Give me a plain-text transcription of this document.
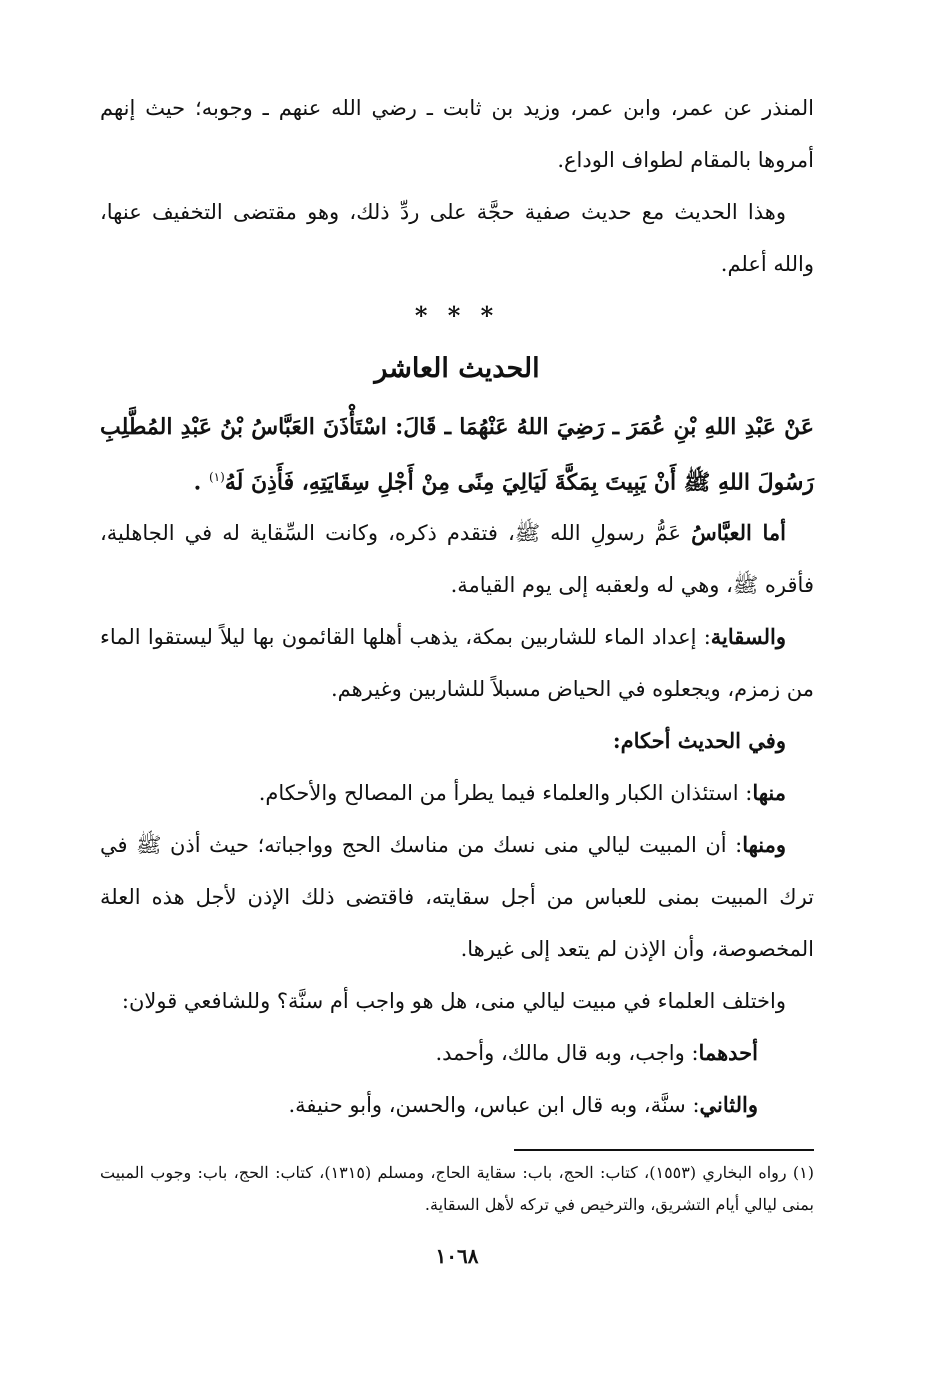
المنذر عن عمر، وابن عمر، وزيد بن ثابت ـ رضي الله عنهم ـ وجوبه؛ حيث إنهم أمروها بالمقام لطواف الوداع.

وهذا الحديث مع حديث صفية حجَّة على ردِّ ذلك، وهو مقتضى التخفيف عنها، والله أعلم.

* * *
الحديث العاشر

عَنْ عَبْدِ اللهِ بْنِ عُمَرَ ـ رَضِيَ اللهُ عَنْهُمَا ـ قَالَ: اسْتَأْذَنَ العَبَّاسُ بْنُ عَبْدِ المُطَّلِبِ رَسُولَ اللهِ ﷺ أَنْ يَبِيتَ بِمَكَّةَ لَيَالِيَ مِنًى مِنْ أَجْلِ سِقَايَتِهِ، فَأَذِنَ لَهُ$^{(١)}$ .

أما العبَّاسُ عَمُّ رسولِ الله ﷺ، فتقدم ذكره، وكانت السِّقاية له في الجاهلية، فأقره ﷺ، وهي له ولعقبه إلى يوم القيامة.

والسقاية: إعداد الماء للشاربين بمكة، يذهب أهلها القائمون بها ليلاً ليستقوا الماء من زمزم، ويجعلوه في الحياض مسبلاً للشاربين وغيرهم.

وفي الحديث أحكام:

منها: استئذان الكبار والعلماء فيما يطرأ من المصالح والأحكام.

ومنها: أن المبيت ليالي منى نسك من مناسك الحج وواجباته؛ حيث أذن ﷺ في ترك المبيت بمنى للعباس من أجل سقايته، فاقتضى ذلك الإذن لأجل هذه العلة المخصوصة، وأن الإذن لم يتعد إلى غيرها.

واختلف العلماء في مبيت ليالي منى، هل هو واجب أم سنَّة؟ وللشافعي قولان:

أحدهما: واجب، وبه قال مالك، وأحمد.

والثاني: سنَّة، وبه قال ابن عباس، والحسن، وأبو حنيفة.

(١) رواه البخاري (١٥٥٣)، كتاب: الحج، باب: سقاية الحاج، ومسلم (١٣١٥)، كتاب: الحج، باب: وجوب المبيت بمنى ليالي أيام التشريق، والترخيص في تركه لأهل السقاية.

١٠٦٨
